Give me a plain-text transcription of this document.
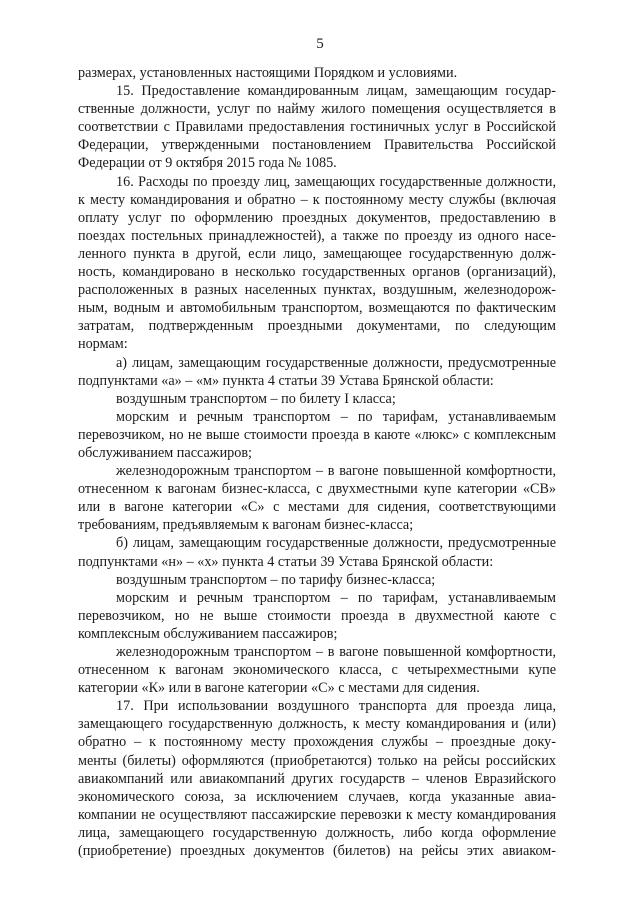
5
размерах, установленных настоящими Порядком и условиями.
15. Предоставление командированным лицам, замещающим государ-
ственные должности, услуг по найму жилого помещения осуществляется в
соответствии с Правилами предоставления гостиничных услуг в Российской
Федерации, утвержденными постановлением Правительства Российской
Федерации от 9 октября 2015 года № 1085.
16. Расходы по проезду лиц, замещающих государственные должности,
к месту командирования и обратно – к постоянному месту службы (включая
оплату услуг по оформлению проездных документов, предоставлению в
поездах постельных принадлежностей), а также по проезду из одного насе-
ленного пункта в другой, если лицо, замещающее государственную долж-
ность, командировано в несколько государственных органов (организаций),
расположенных в разных населенных пунктах, воздушным, железнодорож-
ным, водным и автомобильным транспортом, возмещаются по фактическим
затратам, подтвержденным проездными документами, по следующим
нормам:
а) лицам, замещающим государственные должности, предусмотренные
подпунктами «а» – «м» пункта 4 статьи 39 Устава Брянской области:
воздушным транспортом – по билету I класса;
морским и речным транспортом – по тарифам, устанавливаемым
перевозчиком, но не выше стоимости проезда в каюте «люкс» с комплексным
обслуживанием пассажиров;
железнодорожным транспортом – в вагоне повышенной комфортности,
отнесенном к вагонам бизнес-класса, с двухместными купе категории «СВ»
или в вагоне категории «С» с местами для сидения, соответствующими
требованиям, предъявляемым к вагонам бизнес-класса;
б) лицам, замещающим государственные должности, предусмотренные
подпунктами «н» – «х» пункта 4 статьи 39 Устава Брянской области:
воздушным транспортом – по тарифу бизнес-класса;
морским и речным транспортом – по тарифам, устанавливаемым
перевозчиком, но не выше стоимости проезда в двухместной каюте с
комплексным обслуживанием пассажиров;
железнодорожным транспортом – в вагоне повышенной комфортности,
отнесенном к вагонам экономического класса, с четырехместными купе
категории «К» или в вагоне категории «С» с местами для сидения.
17. При использовании воздушного транспорта для проезда лица,
замещающего государственную должность, к месту командирования и (или)
обратно – к постоянному месту прохождения службы – проездные доку-
менты (билеты) оформляются (приобретаются) только на рейсы российских
авиакомпаний или авиакомпаний других государств – членов Евразийского
экономического союза, за исключением случаев, когда указанные авиа-
компании не осуществляют пассажирские перевозки к месту командирования
лица, замещающего государственную должность, либо когда оформление
(приобретение) проездных документов (билетов) на рейсы этих авиаком-
